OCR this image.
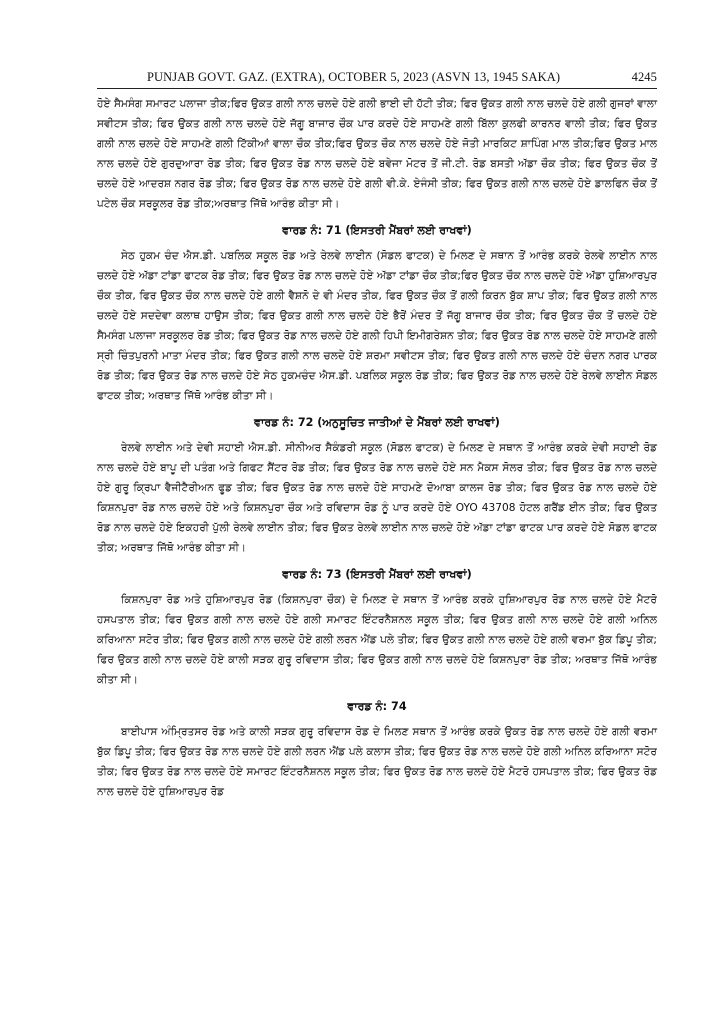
PUNJAB GOVT. GAZ. (EXTRA), OCTOBER 5, 2023 (ASVN 13, 1945 SAKA)	4245

ਹੋਏ ਸੈਮਸੰਗ ਸਮਾਰਟ ਪਲਾਜਾ ਤੀਕ;ਫਿਰ ਉਕਤ ਗਲੀ ਨਾਲ ਚਲਦੇ ਹੋਏ ਗਲੀ ਭਾਈ ਦੀ ਹੱਟੀ ਤੀਕ; ਫਿਰ ਉਕਤ ਗਲੀ ਨਾਲ ਚਲਦੇ ਹੋਏ ਗਲੀ ਗੁਜਰਾਂ ਵਾਲਾ ਸਵੀਟਸ ਤੀਕ; ਫਿਰ ਉਕਤ ਗਲੀ ਨਾਲ ਚਲਦੇ ਹੋਏ ਜੱਗੂ ਬਾਜਾਰ ਚੌਕ ਪਾਰ ਕਰਦੇ ਹੋਏ ਸਾਹਮਣੇ ਗਲੀ ਬਿੱਲਾ ਕੁਲਫੀ ਕਾਰਨਰ ਵਾਲੀ ਤੀਕ; ਫਿਰ ਉਕਤ ਗਲੀ ਨਾਲ ਚਲਦੇ ਹੋਏ ਸਾਹਮਣੇ ਗਲੀ ਟਿੱਕੀਆਂ ਵਾਲਾ ਚੌਕ ਤੀਕ;ਫਿਰ ਉਕਤ ਚੌਕ ਨਾਲ ਚਲਦੇ ਹੋਏ ਜੋਤੀ ਮਾਰਕਿਟ ਸ਼ਾਪਿੰਗ ਮਾਲ ਤੀਕ;ਫਿਰ ਉਕਤ ਮਾਲ ਨਾਲ ਚਲਦੇ ਹੋਏ ਗੁਰਦੁਆਰਾ ਰੋਡ ਤੀਕ; ਫਿਰ ਉਕਤ ਰੋਡ ਨਾਲ ਚਲਦੇ ਹੋਏ ਬਵੇਜਾ ਮੋਟਰ ਤੋਂ ਜੀ.ਟੀ. ਰੋਡ ਬਸਤੀ ਅੱਡਾ ਚੌਕ ਤੀਕ; ਫਿਰ ਉਕਤ ਚੌਕ ਤੋਂ ਚਲਦੇ ਹੋਏ ਆਦਰਸ਼ ਨਗਰ ਰੋਡ ਤੀਕ; ਫਿਰ ਉਕਤ ਰੋਡ ਨਾਲ ਚਲਦੇ ਹੋਏ ਗਲੀ ਵੀ.ਕੇ. ਏਜੰਸੀ ਤੀਕ; ਫਿਰ ਉਕਤ ਗਲੀ ਨਾਲ ਚਲਦੇ ਹੋਏ ਡਾਲਫਿਨ ਚੌਕ ਤੋਂ ਪਟੇਲ ਚੌਕ ਸਰਕੂਲਰ ਰੋਡ ਤੀਕ;ਅਰਥਾਤ ਜਿੱਥੋ ਆਰੰਭ ਕੀਤਾ ਸੀ।

ਵਾਰਡ ਨੰ: 71 (ਇਸਤਰੀ ਮੈਂਬਰਾਂ ਲਈ ਰਾਖਵਾਂ)

ਸੇਠ ਹੁਕਮ ਚੰਦ ਐਸ.ਡੀ. ਪਬਲਿਕ ਸਕੂਲ ਰੋਡ ਅਤੇ ਰੇਲਵੇ ਲਾਈਨ (ਸੋਡਲ ਫਾਟਕ) ਦੇ ਮਿਲਣ ਦੇ ਸਥਾਨ ਤੋਂ ਆਰੰਭ ਕਰਕੇ ਰੇਲਵੇ ਲਾਈਨ ਨਾਲ ਚਲਦੇ ਹੋਏ ਅੱਡਾ ਟਾਂਡਾ ਫਾਟਕ ਰੋਡ ਤੀਕ; ਫਿਰ ਉਕਤ ਰੋਡ ਨਾਲ ਚਲਦੇ ਹੋਏ ਅੱਡਾ ਟਾਂਡਾ ਚੌਕ ਤੀਕ;ਫਿਰ ਉਕਤ ਚੌਕ ਨਾਲ ਚਲਦੇ ਹੋਏ ਅੱਡਾ ਹੁਸ਼ਿਆਰਪੁਰ ਚੌਕ ਤੀਕ, ਫਿਰ ਉਕਤ ਚੌਕ ਨਾਲ ਚਲਦੇ ਹੋਏ ਗਲੀ ਵੈਸ਼ਨੋ ਦੇ ਵੀ ਮੰਦਰ ਤੀਕ, ਫਿਰ ਉਕਤ ਚੌਕ ਤੋਂ ਗਲੀ ਕਿਰਨ ਬੁੱਕ ਸ਼ਾਪ ਤੀਕ; ਫਿਰ ਉਕਤ ਗਲੀ ਨਾਲ ਚਲਦੇ ਹੋਏ ਸਦਦੇਵਾ ਕਲਾਥ ਹਾਉਸ ਤੀਕ; ਫਿਰ ਉਕਤ ਗਲੀ ਨਾਲ ਚਲਦੇ ਹੋਏ ਭੈਰੋਂ ਮੰਦਰ ਤੋਂ ਜੱਗੂ ਬਾਜਾਰ ਚੌਕ ਤੀਕ; ਫਿਰ ਉਕਤ ਚੌਕ ਤੋਂ ਚਲਦੇ ਹੋਏ ਸੈਮਸੰਗ ਪਲਾਜਾ ਸਰਕੂਲਰ ਰੋਡ ਤੀਕ; ਫਿਰ ਉਕਤ ਰੋਡ ਨਾਲ ਚਲਦੇ ਹੋਏ ਗਲੀ ਹਿਪੀ ਇਮੀਗਰੇਸ਼ਨ ਤੀਕ; ਫਿਰ ਉਕਤ ਰੋਡ ਨਾਲ ਚਲਦੇ ਹੋਏ ਸਾਹਮਣੇ ਗਲੀ ਸ੍ਰੀ ਚਿੰਤਪੁਰਨੀ ਮਾਤਾ ਮੰਦਰ ਤੀਕ; ਫਿਰ ਉਕਤ ਗਲੀ ਨਾਲ ਚਲਦੇ ਹੋਏ ਸ਼ਰਮਾ ਸਵੀਟਸ ਤੀਕ; ਫਿਰ ਉਕਤ ਗਲੀ ਨਾਲ ਚਲਦੇ ਹੋਏ ਚੰਦਨ ਨਗਰ ਪਾਰਕ ਰੋਡ ਤੀਕ; ਫਿਰ ਉਕਤ ਰੋਡ ਨਾਲ ਚਲਦੇ ਹੋਏ ਸੇਠ ਹੁਕਮਚੰਦ ਐਸ.ਡੀ. ਪਬਲਿਕ ਸਕੂਲ ਰੋਡ ਤੀਕ; ਫਿਰ ਉਕਤ ਰੋਡ ਨਾਲ ਚਲਦੇ ਹੋਏ ਰੇਲਵੇ ਲਾਈਨ ਸੋਡਲ ਫਾਟਕ ਤੀਕ; ਅਰਥਾਤ ਜਿੱਥੋ ਆਰੰਭ ਕੀਤਾ ਸੀ।

ਵਾਰਡ ਨੰ: 72 (ਅਨੁਸੂਚਿਤ ਜਾਤੀਆਂ ਦੇ ਮੈਂਬਰਾਂ ਲਈ ਰਾਖਵਾਂ)

ਰੇਲਵੇ ਲਾਈਨ ਅਤੇ ਦੇਵੀ ਸਹਾਈ ਐਸ.ਡੀ. ਸੀਨੀਅਰ ਸੈਕੰਡਰੀ ਸਕੂਲ (ਸੋਡਲ ਫਾਟਕ) ਦੇ ਮਿਲਣ ਦੇ ਸਥਾਨ ਤੋਂ ਆਰੰਭ ਕਰਕੇ ਦੇਵੀ ਸਹਾਈ ਰੋਡ ਨਾਲ ਚਲਦੇ ਹੋਏ ਬਾਪੂ ਦੀ ਪਤੰਗ ਅਤੇ ਗਿਫਟ ਸੈਂਟਰ ਰੋਡ ਤੀਕ; ਫਿਰ ਉਕਤ ਰੋਡ ਨਾਲ ਚਲਦੇ ਹੋਏ ਸਨ ਮੈਕਸ ਸੋਲਰ ਤੀਕ; ਫਿਰ ਉਕਤ ਰੋਡ ਨਾਲ ਚਲਦੇ ਹੋਏ ਗੁਰੂ ਕ੍ਰਿਪਾ ਵੈਜੀਟੈਰੀਅਨ ਫੂਡ ਤੀਕ; ਫਿਰ ਉਕਤ ਰੋਡ ਨਾਲ ਚਲਦੇ ਹੋਏ ਸਾਹਮਣੇ ਦੋਆਬਾ ਕਾਲਜ ਰੋਡ ਤੀਕ; ਫਿਰ ਉਕਤ ਰੋਡ ਨਾਲ ਚਲਦੇ ਹੋਏ ਕਿਸ਼ਨਪੁਰਾ ਰੋਡ ਨਾਲ ਚਲਦੇ ਹੋਏ ਅਤੇ ਕਿਸ਼ਨਪੁਰਾ ਚੌਕ ਅਤੇ ਰਵਿਦਾਸ ਰੋਡ ਨੂੰ ਪਾਰ ਕਰਦੇ ਹੋਏ OYO 43708 ਹੋਟਲ ਗਰੈਂਡ ਈਨ ਤੀਕ; ਫਿਰ ਉਕਤ ਰੋਡ ਨਾਲ ਚਲਦੇ ਹੋਏ ਇਕਹਰੀ ਪੁੱਲੀ ਰੇਲਵੇ ਲਾਈਨ ਤੀਕ; ਫਿਰ ਉਕਤ ਰੇਲਵੇ ਲਾਈਨ ਨਾਲ ਚਲਦੇ ਹੋਏ ਅੱਡਾ ਟਾਂਡਾ ਫਾਟਕ ਪਾਰ ਕਰਦੇ ਹੋਏ ਸੋਡਲ ਫਾਟਕ ਤੀਕ; ਅਰਥਾਤ ਜਿੱਥੋ ਆਰੰਭ ਕੀਤਾ ਸੀ।

ਵਾਰਡ ਨੰ: 73 (ਇਸਤਰੀ ਮੈਂਬਰਾਂ ਲਈ ਰਾਖਵਾਂ)

ਕਿਸ਼ਨਪੁਰਾ ਰੋਡ ਅਤੇ ਹੁਸ਼ਿਆਰਪੁਰ ਰੋਡ (ਕਿਸ਼ਨਪੁਰਾ ਚੌਕ) ਦੇ ਮਿਲਣ ਦੇ ਸਥਾਨ ਤੋਂ ਆਰੰਭ ਕਰਕੇ ਹੁਸ਼ਿਆਰਪੁਰ ਰੋਡ ਨਾਲ ਚਲਦੇ ਹੋਏ ਮੈਟਰੋ ਹਸਪਤਾਲ ਤੀਕ; ਫਿਰ ਉਕਤ ਗਲੀ ਨਾਲ ਚਲਦੇ ਹੋਏ ਗਲੀ ਸਮਾਰਟ ਇੰਟਰਨੈਸ਼ਨਲ ਸਕੂਲ ਤੀਕ; ਫਿਰ ਉਕਤ ਗਲੀ ਨਾਲ ਚਲਦੇ ਹੋਏ ਗਲੀ ਅਨਿਲ ਕਰਿਆਨਾ ਸਟੋਰ ਤੀਕ; ਫਿਰ ਉਕਤ ਗਲੀ ਨਾਲ ਚਲਦੇ ਹੋਏ ਗਲੀ ਲਰਨ ਐਂਡ ਪਲੇ ਤੀਕ; ਫਿਰ ਉਕਤ ਗਲੀ ਨਾਲ ਚਲਦੇ ਹੋਏ ਗਲੀ ਵਰਮਾ ਬੁੱਕ ਡਿਪੂ ਤੀਕ; ਫਿਰ ਉਕਤ ਗਲੀ ਨਾਲ ਚਲਦੇ ਹੋਏ ਕਾਲੀ ਸੜਕ ਗੁਰੂ ਰਵਿਦਾਸ ਤੀਕ; ਫਿਰ ਉਕਤ ਗਲੀ ਨਾਲ ਚਲਦੇ ਹੋਏ ਕਿਸ਼ਨਪੁਰਾ ਰੋਡ ਤੀਕ; ਅਰਥਾਤ ਜਿੱਥੋ ਆਰੰਭ ਕੀਤਾ ਸੀ।

ਵਾਰਡ ਨੰ: 74

ਬਾਈਪਾਸ ਅੰਮ੍ਰਿਤਸਰ ਰੋਡ ਅਤੇ ਕਾਲੀ ਸੜਕ ਗੁਰੂ ਰਵਿਦਾਸ ਰੋਡ ਦੇ ਮਿਲਣ ਸਥਾਨ ਤੋਂ ਆਰੰਭ ਕਰਕੇ ਉਕਤ ਰੋਡ ਨਾਲ ਚਲਦੇ ਹੋਏ ਗਲੀ ਵਰਮਾ ਬੁੱਕ ਡਿਪੂ ਤੀਕ; ਫਿਰ ਉਕਤ ਰੋਡ ਨਾਲ ਚਲਦੇ ਹੋਏ ਗਲੀ ਲਰਨ ਐਂਡ ਪਲੇ ਕਲਾਸ ਤੀਕ; ਫਿਰ ਉਕਤ ਰੋਡ ਨਾਲ ਚਲਦੇ ਹੋਏ ਗਲੀ ਅਨਿਲ ਕਰਿਆਨਾ ਸਟੋਰ ਤੀਕ; ਫਿਰ ਉਕਤ ਰੋਡ ਨਾਲ ਚਲਦੇ ਹੋਏ ਸਮਾਰਟ ਇੰਟਰਨੈਸ਼ਨਲ ਸਕੂਲ ਤੀਕ; ਫਿਰ ਉਕਤ ਰੋਡ ਨਾਲ ਚਲਦੇ ਹੋਏ ਮੈਟਰੋ ਹਸਪਤਾਲ ਤੀਕ; ਫਿਰ ਉਕਤ ਰੋਡ ਨਾਲ ਚਲਦੇ ਹੋਏ ਹੁਸ਼ਿਆਰਪੁਰ ਰੋਡ
